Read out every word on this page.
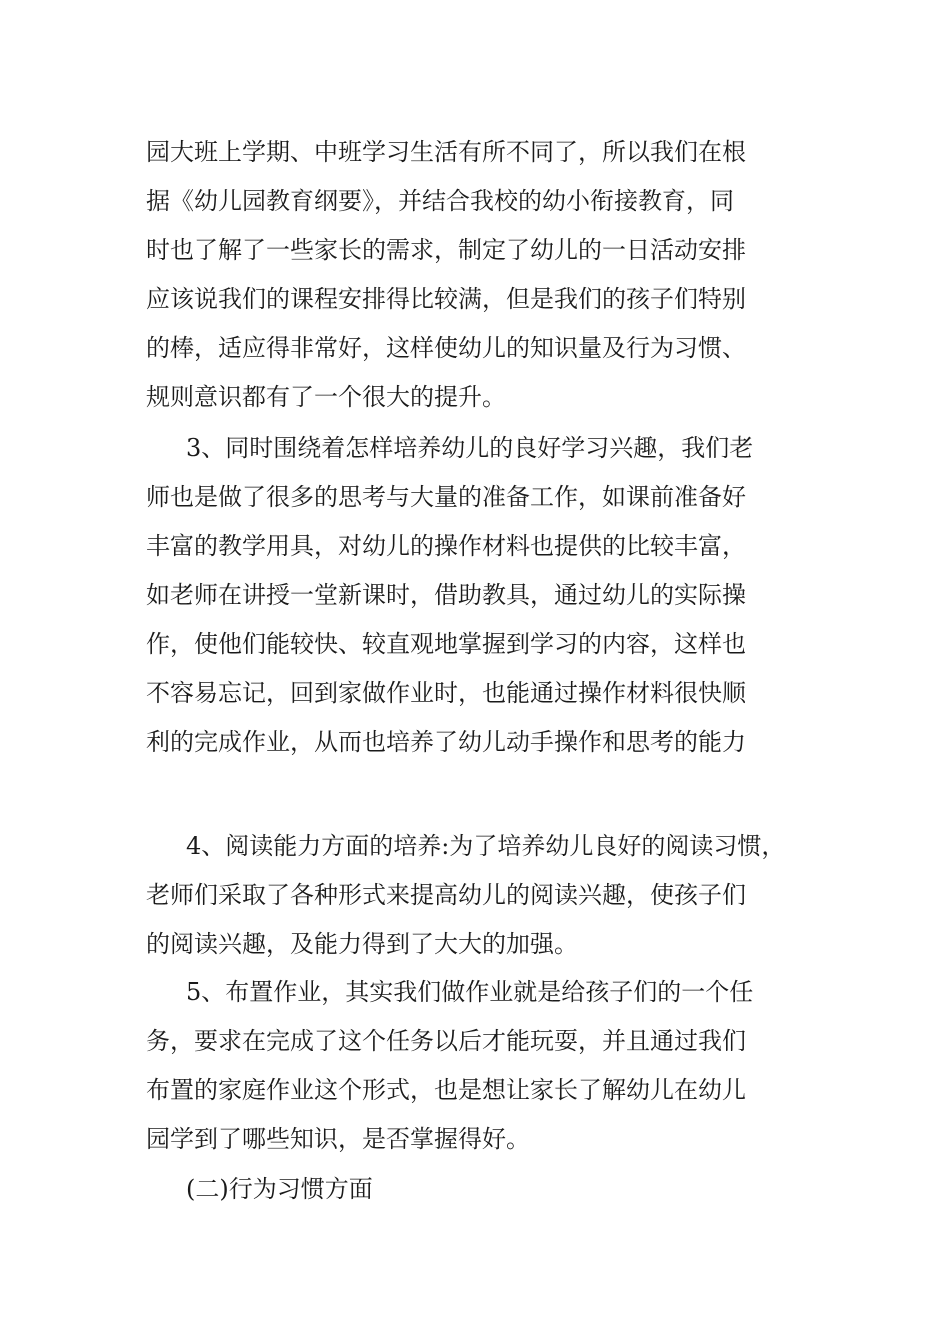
园大班上学期、中班学习生活有所不同了，所以我们在根
据《幼儿园教育纲要》，并结合我校的幼小衔接教育，同
时也了解了一些家长的需求，制定了幼儿的一日活动安排
应该说我们的课程安排得比较满，但是我们的孩子们特别
的棒，适应得非常好，这样使幼儿的知识量及行为习惯、
规则意识都有了一个很大的提升。
3、同时围绕着怎样培养幼儿的良好学习兴趣，我们老
师也是做了很多的思考与大量的准备工作，如课前准备好
丰富的教学用具，对幼儿的操作材料也提供的比较丰富，
如老师在讲授一堂新课时，借助教具，通过幼儿的实际操
作，使他们能较快、较直观地掌握到学习的内容，这样也
不容易忘记，回到家做作业时，也能通过操作材料很快顺
利的完成作业，从而也培养了幼儿动手操作和思考的能力
4、阅读能力方面的培养:为了培养幼儿良好的阅读习惯，
老师们采取了各种形式来提高幼儿的阅读兴趣，使孩子们
的阅读兴趣，及能力得到了大大的加强。
5、布置作业，其实我们做作业就是给孩子们的一个任
务，要求在完成了这个任务以后才能玩耍，并且通过我们
布置的家庭作业这个形式，也是想让家长了解幼儿在幼儿
园学到了哪些知识，是否掌握得好。
(二)行为习惯方面
